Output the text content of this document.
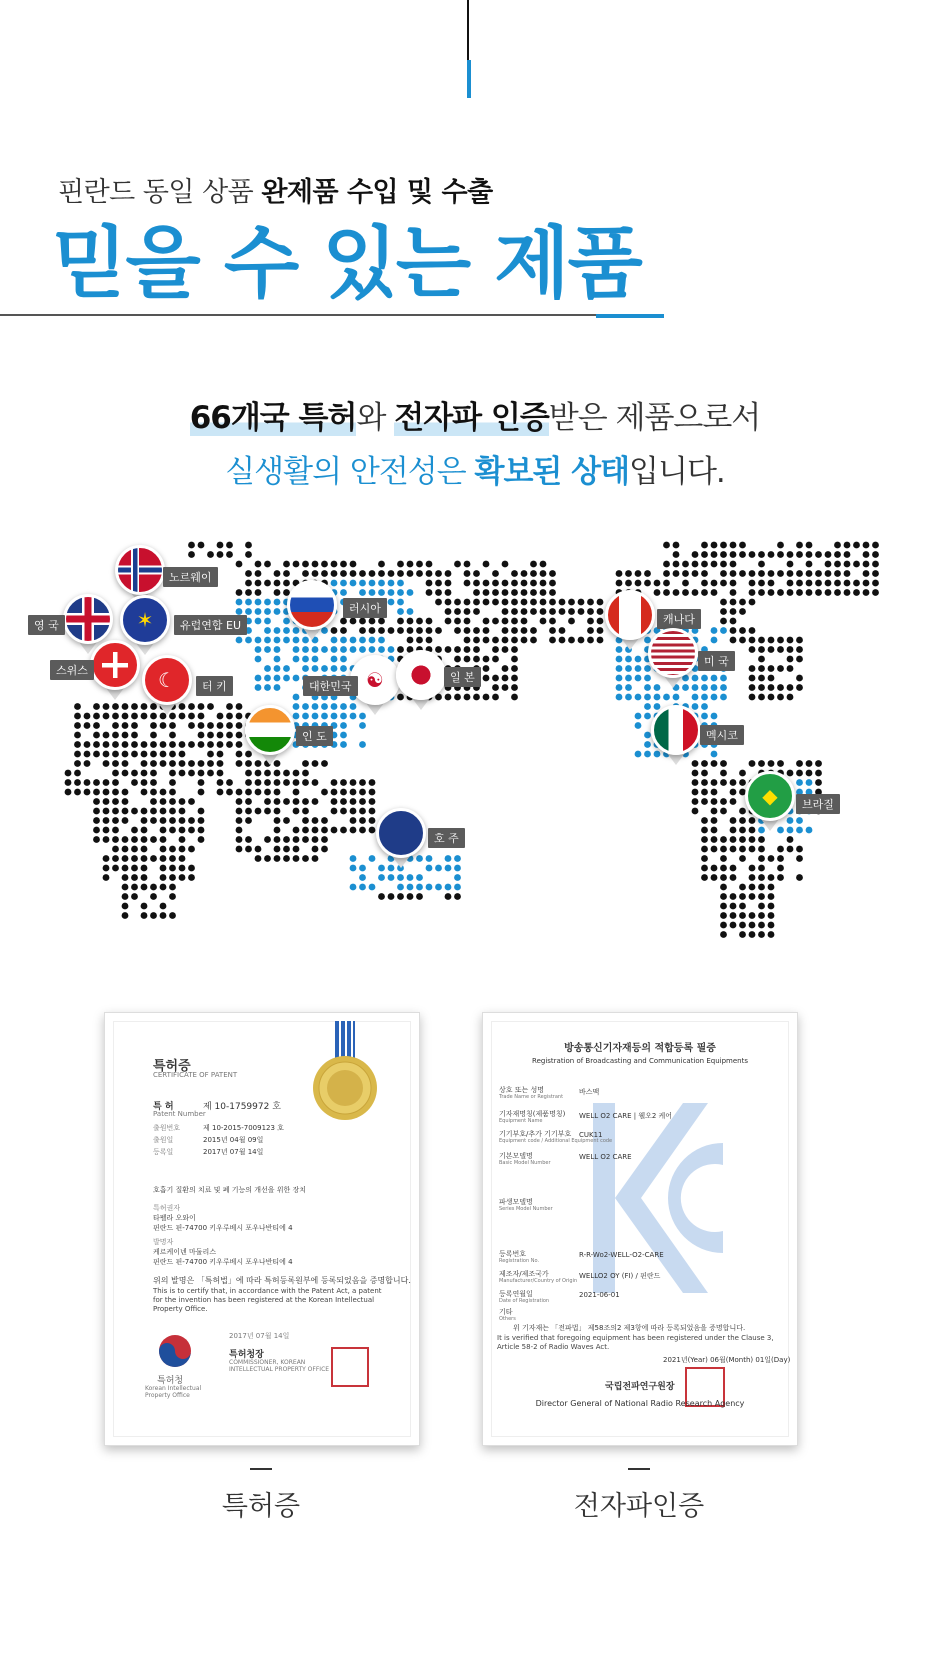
핀란드 동일 상품 완제품 수입 및 수출
믿을 수 있는 제품
66개국 특허와 전자파 인증받은 제품으로서
실생활의 안전성은 확보된 상태입니다.
노르웨이
영 국	✶	유럽연합 EU
스위스	☾	터 키
러시아
☯
대한민국
일 본
인 도
호 주
캐나다
미 국
멕시코
◆	브라질
특허증
CERTIFICATE OF PATENT
특 허
Patent Number
제 10-1759972 호
출원번호	제 10-2015-7009123 호
출원일	2015년 04월 09일
등록일	2017년 07월 14일
호흡기 질환의 치료 및 폐 기능의 개선을 위한 장치
특허권자
타펠라 오와이
핀란드 핀-74700 키우루베시 포우나반티에 4
발명자
케르케이넨 마둘리스
핀란드 핀-74700 키우루베시 포우나반티에 4
위의 발명은 「특허법」에 따라 특허등록원부에 등록되었음을 증명합니다.
This is to certify that, in accordance with the Patent Act, a patent for the invention has been registered at the Korean Intellectual Property Office.
2017년 07월 14일
특허청
Korean Intellectual Property Office
특허청장
COMMISSIONER, KOREAN INTELLECTUAL PROPERTY OFFICE
방송통신기자재등의 적합등록 필증
Registration of Broadcasting and Communication Equipments
상호 또는 성명
Trade Name or Registrant
바스맥
기자재명칭(제품명칭)
Equipment Name
WELL O2 CARE | 웰오2 케어
기기부호/추가 기기부호
Equipment code / Additional Equipment code
CUK11
기본모델명
Basic Model Number
WELL O2 CARE
파생모델명
Series Model Number
등록번호
Registration No.
R-R-Wo2-WELL-O2-CARE
제조자/제조국가
Manufacturer/Country of Origin
WELLO2 OY (FI) / 핀란드
등록연월일
Date of Registration
2021-06-01
기타
Others
위 기자재는 「전파법」 제58조의2 제3항에 따라 등록되었음을 증명합니다.
It is verified that foregoing equipment has been registered under the Clause 3, Article 58-2 of Radio Waves Act.
2021년(Year) 06월(Month) 01일(Day)
국립전파연구원장
Director General of National Radio Research Agency
특허증	전자파인증
